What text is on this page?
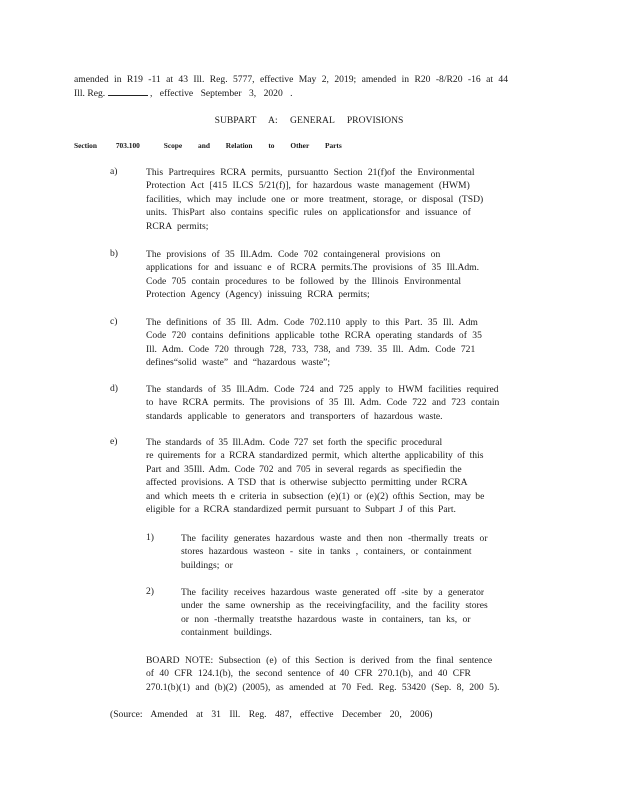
amended in R19 -11 at 43 Ill. Reg. 5777, effective May 2, 2019; amended in R20 -8/R20 -16 at 44
Ill. Reg.	, effective September 3, 2020 .
SUBPART A: GENERAL PROVISIONS
Section	703.100	Scope and Relation to Other Parts
a)	This Partrequires RCRA permits, pursuantto Section 21(f)of the Environmental
Protection Act [415 ILCS 5/21(f)], for hazardous waste management (HWM)
facilities, which may include one or more treatment, storage, or disposal (TSD)
units. ThisPart also contains specific rules on applicationsfor and issuance of
RCRA permits;
b)	The provisions of 35 Ill.Adm. Code 702 containgeneral provisions on
applications for and issuanc e of RCRA permits.The provisions of 35 Ill.Adm.
Code 705 contain procedures to be followed by the Illinois Environmental
Protection Agency (Agency) inissuing RCRA permits;
c)	The definitions of 35 Ill. Adm. Code 702.110 apply to this Part. 35 Ill. Adm
Code 720 contains definitions applicable tothe RCRA operating standards of 35
Ill. Adm. Code 720 through 728, 733, 738, and 739. 35 Ill. Adm. Code 721
defines“solid waste” and “hazardous waste”;
d)	The standards of 35 Ill.Adm. Code 724 and 725 apply to HWM facilities required
to have RCRA permits. The provisions of 35 Ill. Adm. Code 722 and 723 contain
standards applicable to generators and transporters of hazardous waste.
e)	The standards of 35 Ill.Adm. Code 727 set forth the specific procedural
re quirements for a RCRA standardized permit, which alterthe applicability of this
Part and 35Ill. Adm. Code 702 and 705 in several regards as specifiedin the
affected provisions. A TSD that is otherwise subjectto permitting under RCRA
and which meets th e criteria in subsection (e)(1) or (e)(2) ofthis Section, may be
eligible for a RCRA standardized permit pursuant to Subpart J of this Part.
1)	The facility generates hazardous waste and then non -thermally treats or
stores hazardous wasteon - site in tanks , containers, or containment
buildings; or
2)	The facility receives hazardous waste generated off -site by a generator
under the same ownership as the receivingfacility, and the facility stores
or non -thermally treatsthe hazardous waste in containers, tan ks, or
containment buildings.
BOARD NOTE: Subsection (e) of this Section is derived from the final sentence
of 40 CFR 124.1(b), the second sentence of 40 CFR 270.1(b), and 40 CFR
270.1(b)(1) and (b)(2) (2005), as amended at 70 Fed. Reg. 53420 (Sep. 8, 200 5).
(Source: Amended at 31 Ill. Reg. 487, effective December 20, 2006)
